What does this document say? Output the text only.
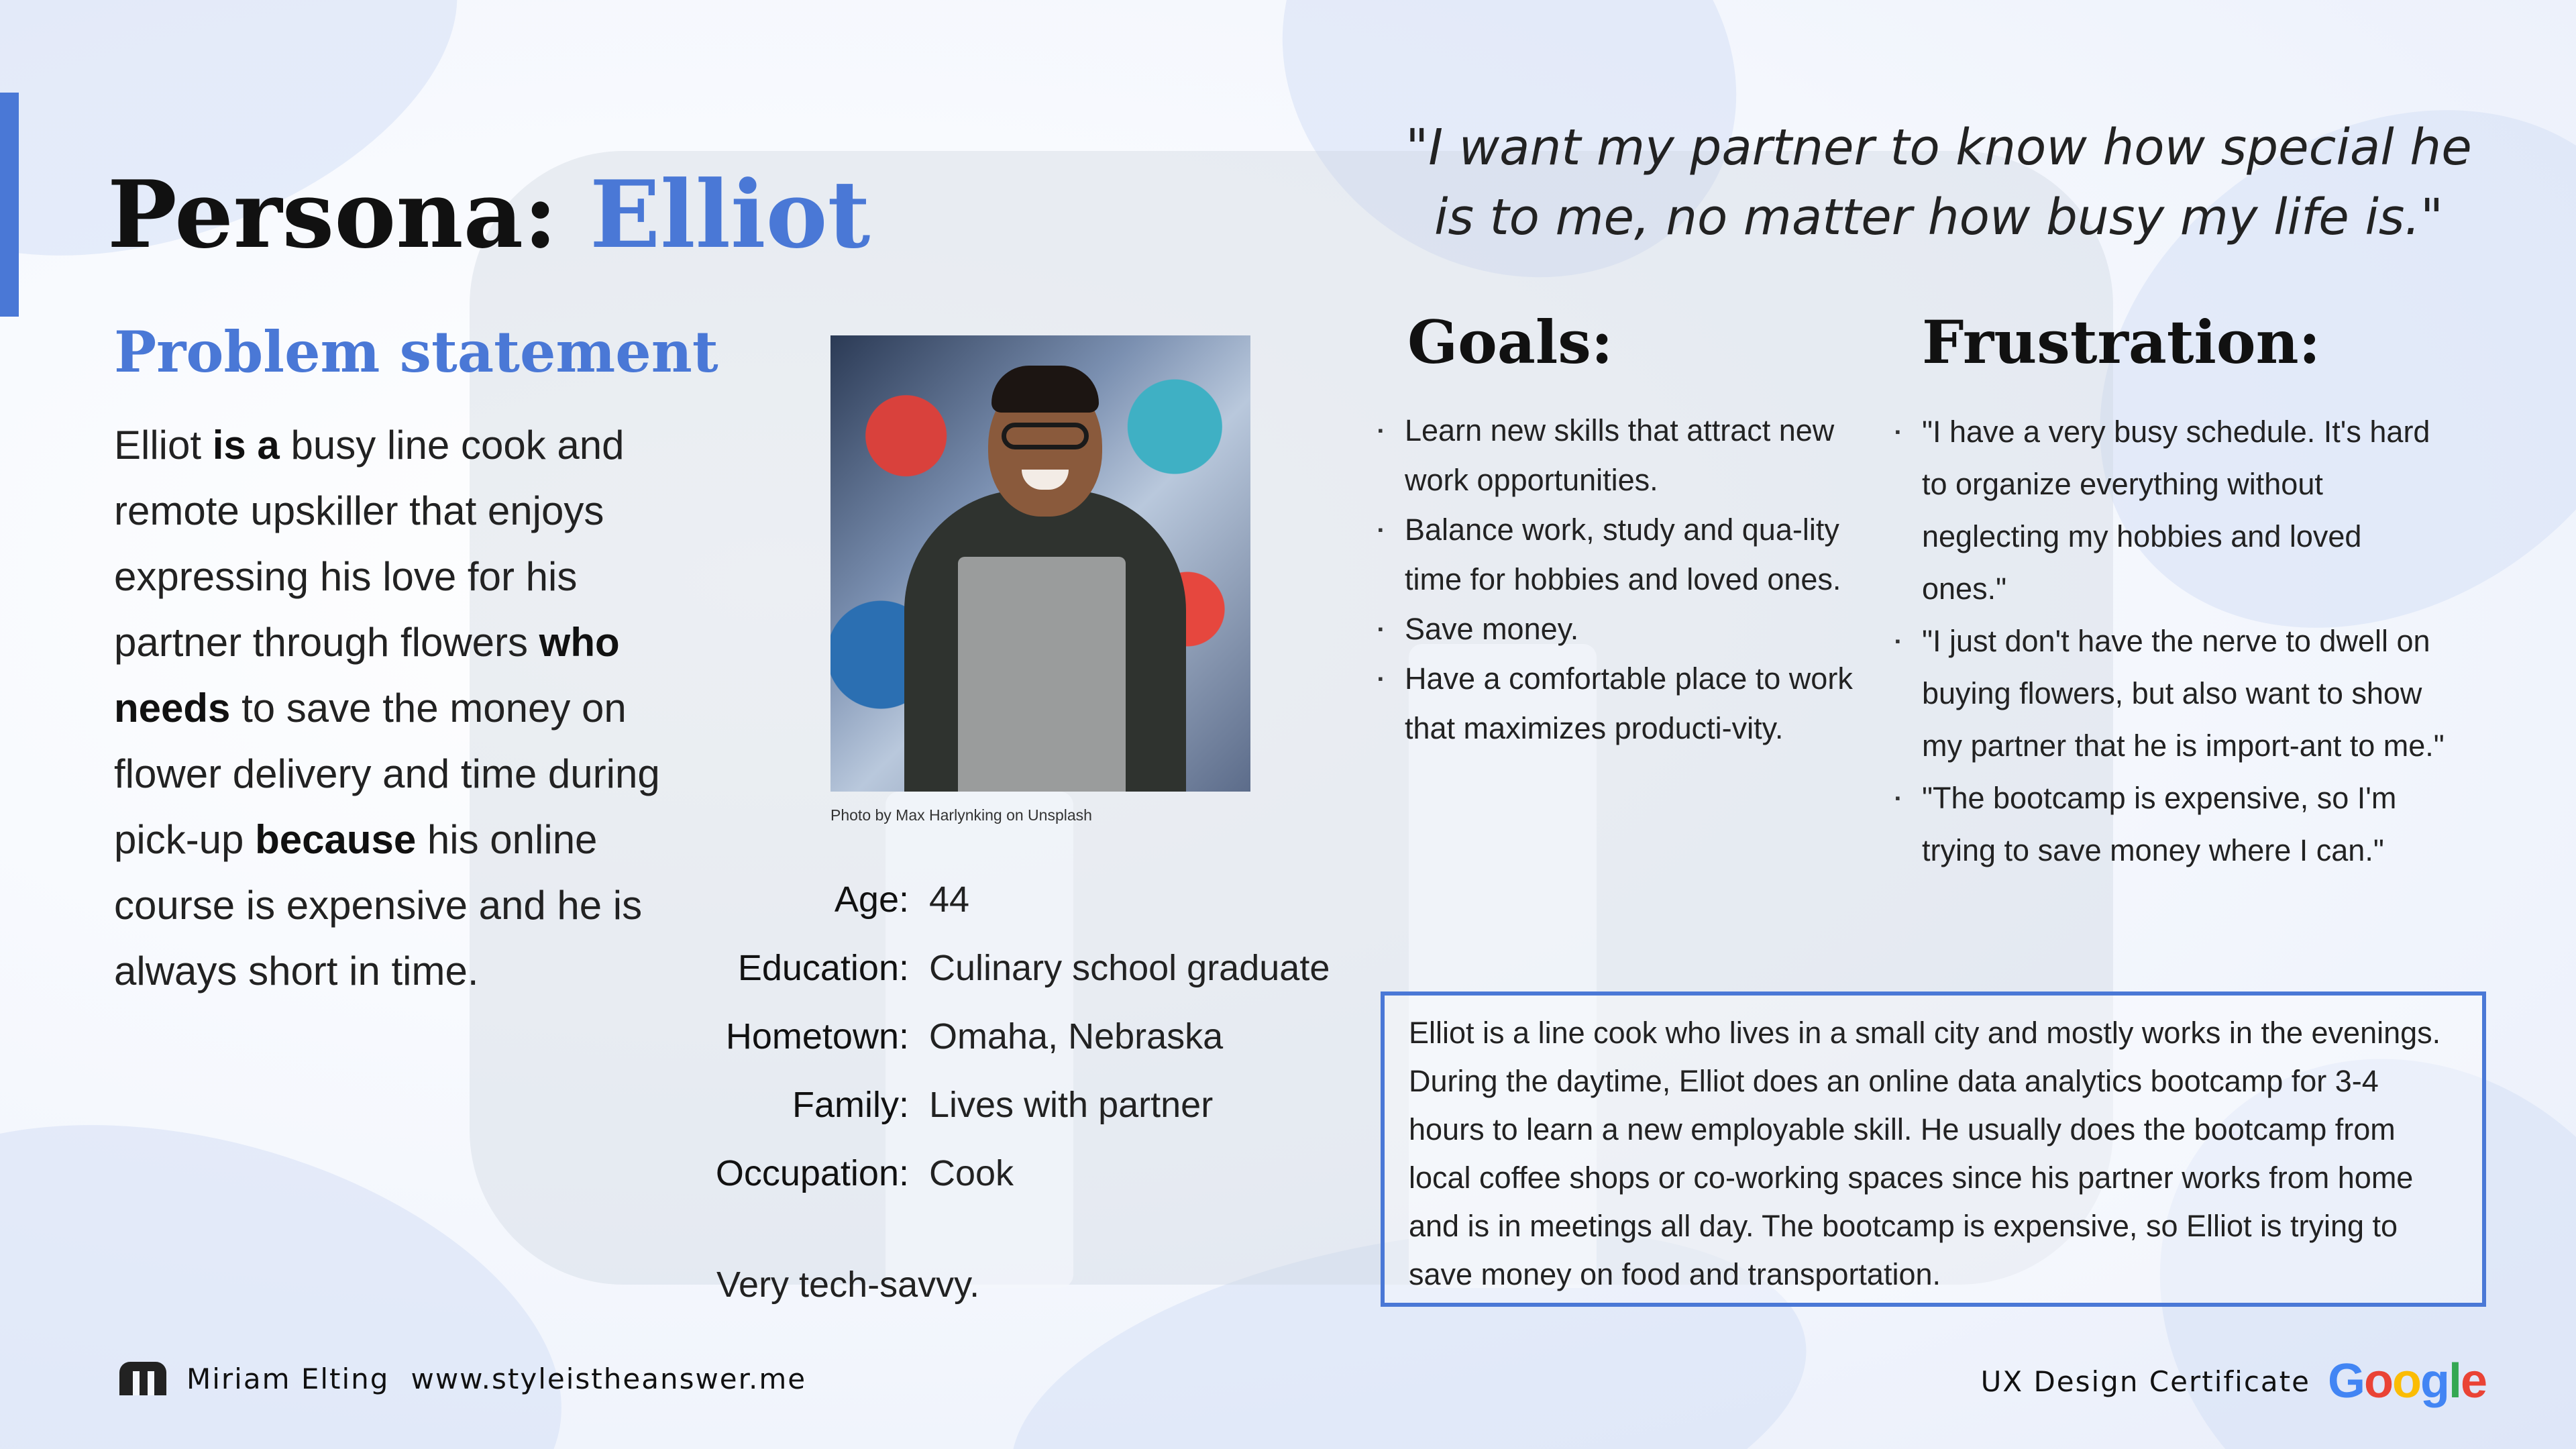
Persona: Elliot
"I want my partner to know how special he is to me, no matter how busy my life is."
Problem statement

Elliot is a busy line cook and remote upskiller that enjoys expressing his love for his partner through flowers who needs to save the money on flower delivery and time during pick-up because his online course is expensive and he is always short in time.

Photo by Max Harlynking on Unsplash

Age:	44
Education:	Culinary school graduate
Hometown:	Omaha, Nebraska
Family:	Lives with partner
Occupation:	Cook

Very tech-savvy.

Goals:
▪ Learn new skills that attract new work opportunities.
▪ Balance work, study and qua-lity time for hobbies and loved ones.
▪ Save money.
▪ Have a comfortable place to work that maximizes producti-vity.
Frustration:
▪ "I have a very busy schedule. It's hard to organize everything without neglecting my hobbies and loved ones."
▪ "I just don't have the nerve to dwell on buying flowers, but also want to show my partner that he is import-ant to me."
▪ "The bootcamp is expensive, so I'm trying to save money where I can."

Elliot is a line cook who lives in a small city and mostly works in the evenings. During the daytime, Elliot does an online data analytics bootcamp for 3-4 hours to learn a new employable skill. He usually does the bootcamp from local coffee shops or co-working spaces since his partner works from home and is in meetings all day. The bootcamp is expensive, so Elliot is trying to save money on food and transportation.

Miriam Elting www.styleistheanswer.me	UX Design Certificate Google
